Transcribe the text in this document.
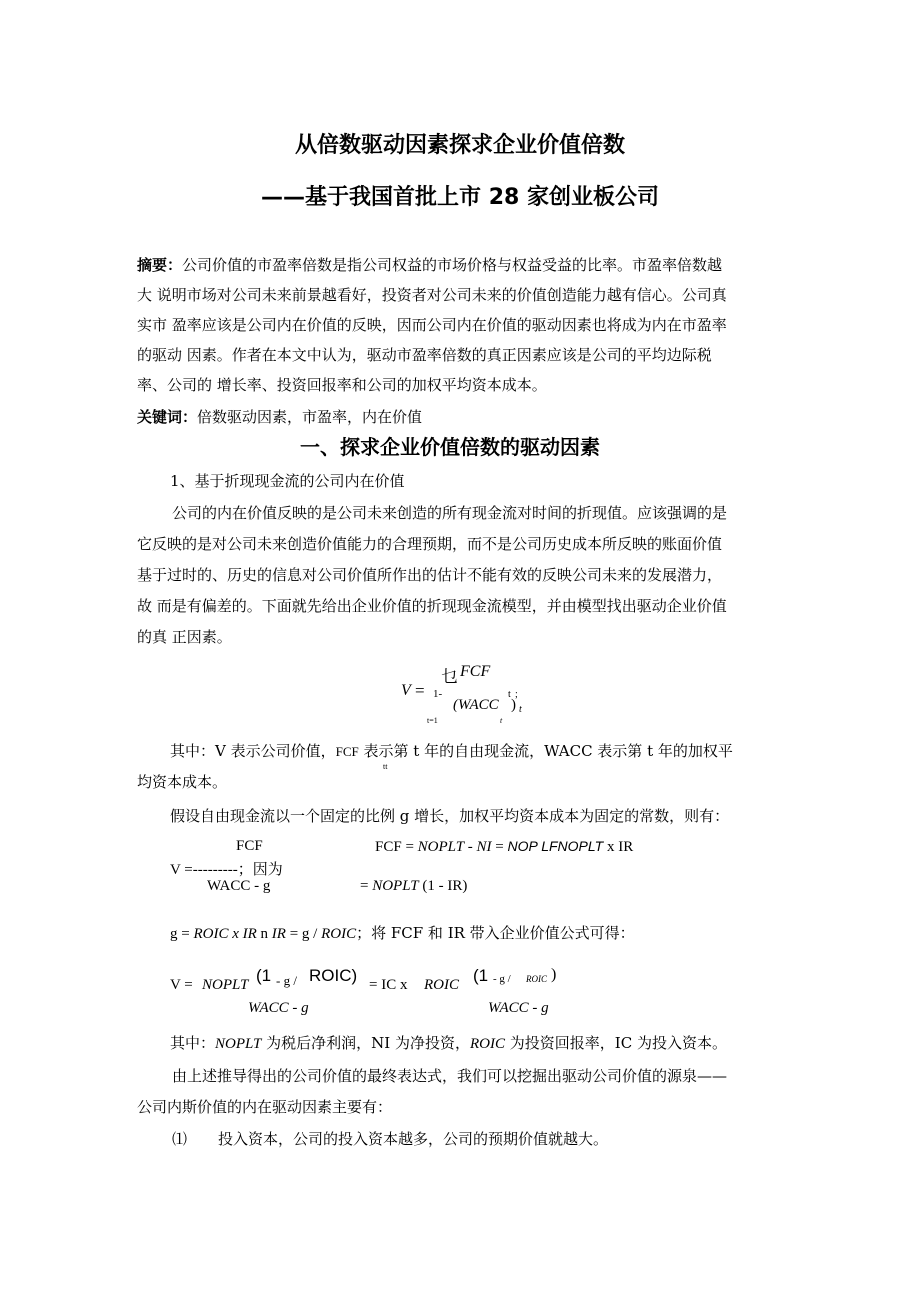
从倍数驱动因素探求企业价值倍数
——基于我国首批上市 28 家创业板公司
摘要：公司价值的市盈率倍数是指公司权益的市场价格与权益受益的比率。市盈率倍数越
大 说明市场对公司未来前景越看好，投资者对公司未来的价值创造能力越有信心。公司真
实市 盈率应该是公司内在价值的反映，因而公司内在价值的驱动因素也将成为内在市盈率
的驱动 因素。作者在本文中认为，驱动市盈率倍数的真正因素应该是公司的平均边际税
率、公司的 增长率、投资回报率和公司的加权平均资本成本。
关键词：倍数驱动因素，市盈率，内在价值
一、探求企业价值倍数的驱动因素
1、基于折现现金流的公司内在价值
公司的内在价值反映的是公司未来创造的所有现金流对时间的折现值。应该强调的是
它反映的是对公司未来创造价值能力的合理预期，而不是公司历史成本所反映的账面价值
基于过时的、历史的信息对公司价值所作出的估计不能有效的反映公司未来的发展潜力，
故 而是有偏差的。下面就先给出企业价值的折现现金流模型，并由模型找出驱动企业价值
的真 正因素。
乜 FCF
V = 1-	t ;
(WACC ) t
t
t=1
其中：V 表示公司价值，FCF 表示第 t 年的自由现金流，WACC 表示第 t 年的加权平
tt
均资本成本。
假设自由现金流以一个固定的比例 g 增长，加权平均资本成本为固定的常数，则有：
FCF
V =---------；因为
WACC - g
FCF = NOPLT - NI = NOP LFNOPLT x IR
= NOPLT (1 - IR)
g = ROIC x IR n IR = g / ROIC；将 FCF 和 IR 带入企业价值公式可得：
V = NOPLT (1 - g / ROIC)
WACC - g
= IC x ROIC (1 - g / ROIC )
WACC - g
其中：NOPLT 为税后净利润，NI 为净投资，ROIC 为投资回报率，IC 为投入资本。
由上述推导得出的公司价值的最终表达式，我们可以挖掘出驱动公司价值的源泉——
公司内斯价值的内在驱动因素主要有：
⑴ 投入资本，公司的投入资本越多，公司的预期价值就越大。
